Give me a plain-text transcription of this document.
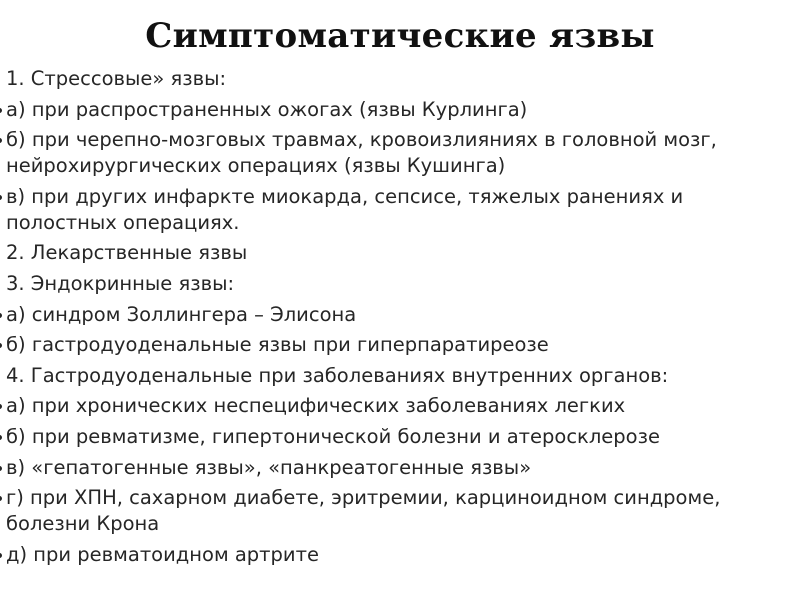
Симптоматические язвы
1. Стрессовые» язвы:
а) при распространенных ожогах (язвы Курлинга)
б) при черепно-мозговых травмах, кровоизлияниях в головной мозг, нейрохирургических операциях (язвы Кушинга)
в) при других инфаркте миокарда, сепсисе, тяжелых ранениях и полостных операциях.
2. Лекарственные язвы
3. Эндокринные язвы:
а) синдром Золлингера – Элисона
б) гастродуоденальные язвы при гиперпаратиреозе
4. Гастродуоденальные при заболеваниях внутренних органов:
а) при хронических неспецифических заболеваниях легких
б) при ревматизме, гипертонической болезни и атеросклерозе
в) «гепатогенные язвы», «панкреатогенные язвы»
г) при ХПН, сахарном диабете, эритремии, карциноидном синдроме, болезни Крона
д) при ревматоидном артрите
